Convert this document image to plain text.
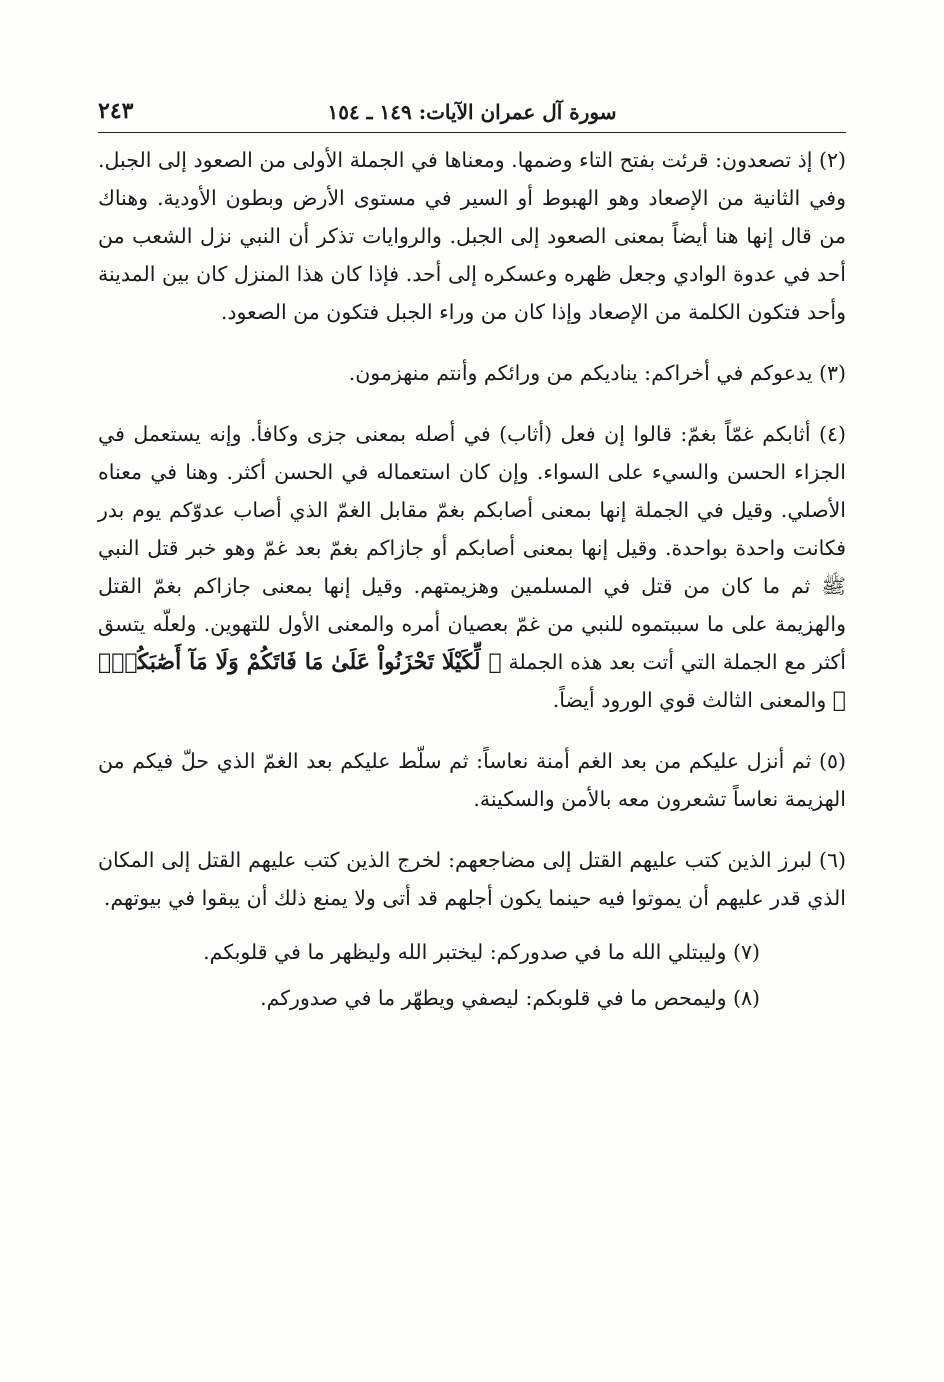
سورة آل عمران الآيات: ١٤٩ ـ ١٥٤
٢٤٣

(٢) إذ تصعدون: قرئت بفتح التاء وضمها. ومعناها في الجملة الأولى من الصعود إلى الجبل. وفي الثانية من الإصعاد وهو الهبوط أو السير في مستوى الأرض وبطون الأودية. وهناك من قال إنها هنا أيضاً بمعنى الصعود إلى الجبل. والروايات تذكر أن النبي نزل الشعب من أحد في عدوة الوادي وجعل ظهره وعسكره إلى أحد. فإذا كان هذا المنزل كان بين المدينة وأحد فتكون الكلمة من الإصعاد وإذا كان من وراء الجبل فتكون من الصعود.

(٣) يدعوكم في أخراكم: يناديكم من ورائكم وأنتم منهزمون.

(٤) أثابكم غمّاً بغمّ: قالوا إن فعل (أثاب) في أصله بمعنى جزى وكافأ. وإنه يستعمل في الجزاء الحسن والسيء على السواء. وإن كان استعماله في الحسن أكثر. وهنا في معناه الأصلي. وقيل في الجملة إنها بمعنى أصابكم بغمّ مقابل الغمّ الذي أصاب عدوّكم يوم بدر فكانت واحدة بواحدة. وقيل إنها بمعنى أصابكم أو جازاكم بغمّ بعد غمّ وهو خبر قتل النبي ﷺ ثم ما كان من قتل في المسلمين وهزيمتهم. وقيل إنها بمعنى جازاكم بغمّ القتل والهزيمة على ما سببتموه للنبي من غمّ بعصيان أمره والمعنى الأول للتهوين. ولعلّه يتسق أكثر مع الجملة التي أتت بعد هذه الجملة ﴿ لِّكَيْلَا تَحْزَنُواْ عَلَىٰ مَا فَاتَكُمْ وَلَا مَآ أَصَٰبَكُمْۗ ﴾ والمعنى الثالث قوي الورود أيضاً.

(٥) ثم أنزل عليكم من بعد الغم أمنة نعاساً: ثم سلّط عليكم بعد الغمّ الذي حلّ فيكم من الهزيمة نعاساً تشعرون معه بالأمن والسكينة.

(٦) لبرز الذين كتب عليهم القتل إلى مضاجعهم: لخرج الذين كتب عليهم القتل إلى المكان الذي قدر عليهم أن يموتوا فيه حينما يكون أجلهم قد أتى ولا يمنع ذلك أن يبقوا في بيوتهم.

(٧) وليبتلي الله ما في صدوركم: ليختبر الله وليظهر ما في قلوبكم.

(٨) وليمحص ما في قلوبكم: ليصفي ويطهّر ما في صدوركم.
